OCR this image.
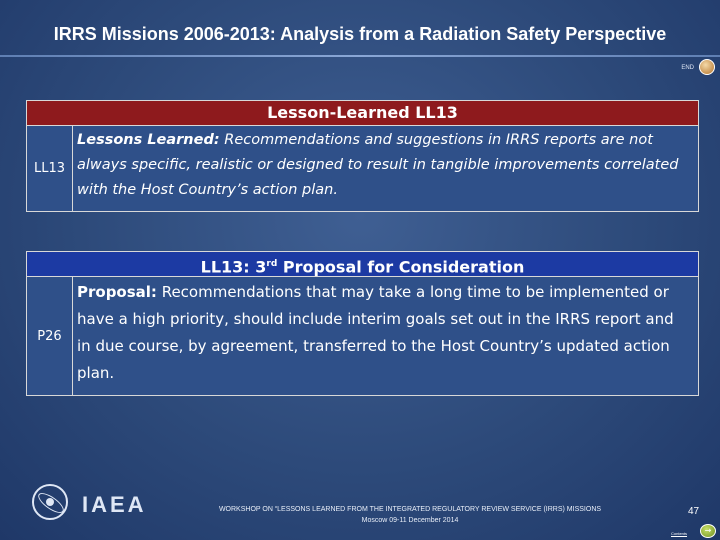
IRRS Missions 2006-2013: Analysis from a Radiation Safety Perspective
END
Lesson-Learned LL13
LL13
Lessons Learned: Recommendations and suggestions in IRRS reports are not always specific, realistic or designed to result in tangible improvements correlated with the Host Country’s action plan.
LL13: 3rd Proposal for Consideration
P26
Proposal: Recommendations that may take a long time to be implemented or have a high priority, should include interim goals set out in the IRRS report and in due course, by agreement, transferred to the Host Country’s updated action plan.
IAEA	WORKSHOP ON “LESSONS LEARNED FROM THE INTEGRATED REGULATORY REVIEW SERVICE (IRRS) MISSIONS
Moscow 09-11 December 2014
47
Contents	→
